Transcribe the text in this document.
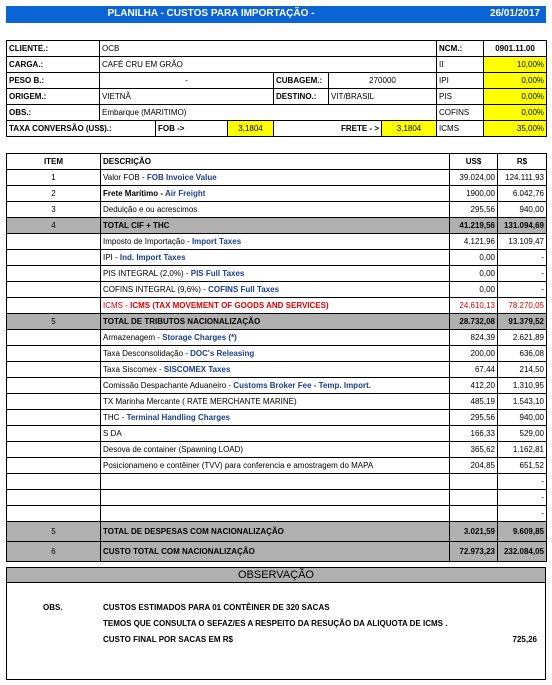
PLANILHA - CUSTOS PARA IMPORTAÇÃO -	26/01/2017
CLIENTE.:	OCB						NCM.:	0901.11.00
CARGA.:	CAFÉ CRU EM GRÃO						II	10,00%
PESO B.:	-			CUBAGEM.:	270000		IPI	0,00%
ORIGEM.:	VIETNÃ			DESTINO.:	VIT/BRASIL		PIS	0,00%
OBS.:	Embarque (MARITIMO)						COFINS	0,00%
TAXA CONVERSÃO (US$).:		FOB ->	3,1804	FRETE - >		3,1804	ICMS	35,00%
ITEM	DESCRIÇÃO	US$	R$
1	Valor FOB - FOB Invoice Value	39.024,00	124.111,93
2	Frete Marítimo - Air Freight	1900,00	6.042,76
3	Dedulção e ou acrescimos	295,56	940,00
4	TOTAL CIF + THC	41.219,56	131.094,69
	Imposto de Importação - Import Taxes	4.121,96	13.109,47
	IPI - Ind. Import Taxes	0,00	-
	PIS INTEGRAL (2,0%) - PIS Full Taxes	0,00	-
	COFINS INTEGRAL (9,6%) - COFINS Full Taxes	0,00	-
	ICMS - ICMS (TAX MOVEMENT OF GOODS AND SERVICES)	24.610,13	78.270,05
5	TOTAL DE TRIBUTOS NACIONALIZAÇÃO	28.732,08	91.379,52
	Armazenagem - Storage Charges (*)	824,39	2.621,89
	Taxa Desconsolidação - DOC's Releasing	200,00	636,08
	Taxa Siscomex - SISCOMEX Taxes	67,44	214,50
	Comissão Despachante Aduaneiro - Customs Broker Fee - Temp. Import.	412,20	1.310,95
	TX Marinha Mercante ( RATE MERCHANTE MARINE)	485,19	1.543,10
	THC - Terminal Handling Charges	295,56	940,00
	S DA	166,33	529,00
	Desova de container (Spawning LOAD)	365,62	1.162,81
	Posicionameno e contêiner (TVV) para conferencia e amostragem do MAPA	204,85	651,52
			-
			-
			-
5	TOTAL DE DESPESAS COM NACIONALIZAÇÃO	3.021,59	9.609,85
6	CUSTO TOTAL COM NACIONALIZAÇÃO	72.973,23	232.084,05
OBSERVAÇÃO
OBS.	CUSTOS ESTIMADOS PARA 01 CONTÊINER DE 320 SACAS
TEMOS QUE CONSULTA O SEFAZ/ES A RESPEITO DA RESUÇÃO DA ALIQUOTA DE ICMS .
CUSTO FINAL POR SACAS EM R$	725,26
